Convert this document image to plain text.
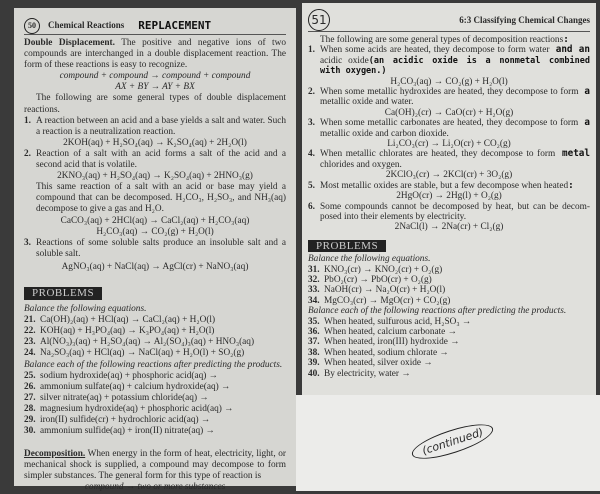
50	Chemical Reactions REPLACEMENT
Double Displacement. The positive and negative ions of two compounds are interchanged in a double displacement reaction. The form of these reactions is easy to recognize.
compound + compound → compound + compound
AX + BY → AY + BX
The following are some general types of double displacement reactions.
1. A reaction between an acid and a base yields a salt and water. Such a reaction is a neutralization reaction.
2KOH(aq) + H₂SO₄(aq) → K₂SO₄(aq) + 2H₂O(l)
2. Reaction of a salt with an acid forms a salt of the acid and a second acid that is volatile.
2KNO₃(aq) + H₂SO₄(aq) → K₂SO₄(aq) + 2HNO₃(g)
This same reaction of a salt with an acid or base may yield a compound that can be decomposed. H₂CO₃, H₂SO₃, and NH₃(aq) decompose to give a gas and H₂O.
CaCO₃(aq) + 2HCl(aq) → CaCl₂(aq) + H₂CO₃(aq)
H₂CO₃(aq) → CO₂(g) + H₂O(l)
3. Reactions of some soluble salts produce an insoluble salt and a soluble salt.
AgNO₃(aq) + NaCl(aq) → AgCl(cr) + NaNO₃(aq)
PROBLEMS
Balance the following equations.
21. Ca(OH)₂(aq) + HCl(aq) → CaCl₂(aq) + H₂O(l)
22. KOH(aq) + H₃PO₄(aq) → K₃PO₄(aq) + H₂O(l)
23. Al(NO₃)₃(aq) + H₂SO₄(aq) → Al₂(SO₄)₃(aq) + HNO₃(aq)
24. Na₂SO₃(aq) + HCl(aq) → NaCl(aq) + H₂O(l) + SO₂(g)
Balance each of the following reactions after predicting the products.
25. sodium hydroxide(aq) + phosphoric acid(aq) →
26. ammonium sulfate(aq) + calcium hydroxide(aq) →
27. silver nitrate(aq) + potassium chloride(aq) →
28. magnesium hydroxide(aq) + phosphoric acid(aq) →
29. iron(II) sulfide(cr) + hydrochloric acid(aq) →
30. ammonium sulfide(aq) + iron(II) nitrate(aq) →
Decomposition. When energy in the form of heat, electricity, light, or mechanical shock is supplied, a compound may decompose to form simpler substances. The general form for this type of reaction is
compound → two or more substances
51	6:3 Classifying Chemical Changes
The following are some general types of decomposition reactions:
1. When some acids are heated, they decompose to form water and an acidic oxide(an acidic oxide is a nonmetal combined with oxygen.)
H₂CO₃(aq) → CO₂(g) + H₂O(l)
2. When some metallic hydroxides are heated, they decompose to form a metallic oxide and water.
Ca(OH)₂(cr) → CaO(cr) + H₂O(g)
3. When some metallic carbonates are heated, they decompose to form a metallic oxide and carbon dioxide.
Li₂CO₃(cr) → Li₂O(cr) + CO₂(g)
4. When metallic chlorates are heated, they decompose to form metal chlorides and oxygen.
2KClO₃(cr) → 2KCl(cr) + 3O₂(g)
5. Most metallic oxides are stable, but a few decompose when heated:
2HgO(cr) → 2Hg(l) + O₂(g)
6. Some compounds cannot be decomposed by heat, but can be decom- posed into their elements by electricity.
2NaCl(l) → 2Na(cr) + Cl₂(g)
PROBLEMS
Balance the following equations.
31. KNO₃(cr) → KNO₂(cr) + O₂(g)
32. PbO₂(cr) → PbO(cr) + O₂(g)
33. NaOH(cr) → Na₂O(cr) + H₂O(l)
34. MgCO₃(cr) → MgO(cr) + CO₂(g)
Balance each of the following reactions after predicting the products.
35. When heated, sulfurous acid, H₂SO₃ →
36. When heated, calcium carbonate →
37. When heated, iron(III) hydroxide →
38. When heated, sodium chlorate →
39. When heated, silver oxide →
40. By electricity, water →
(continued)
